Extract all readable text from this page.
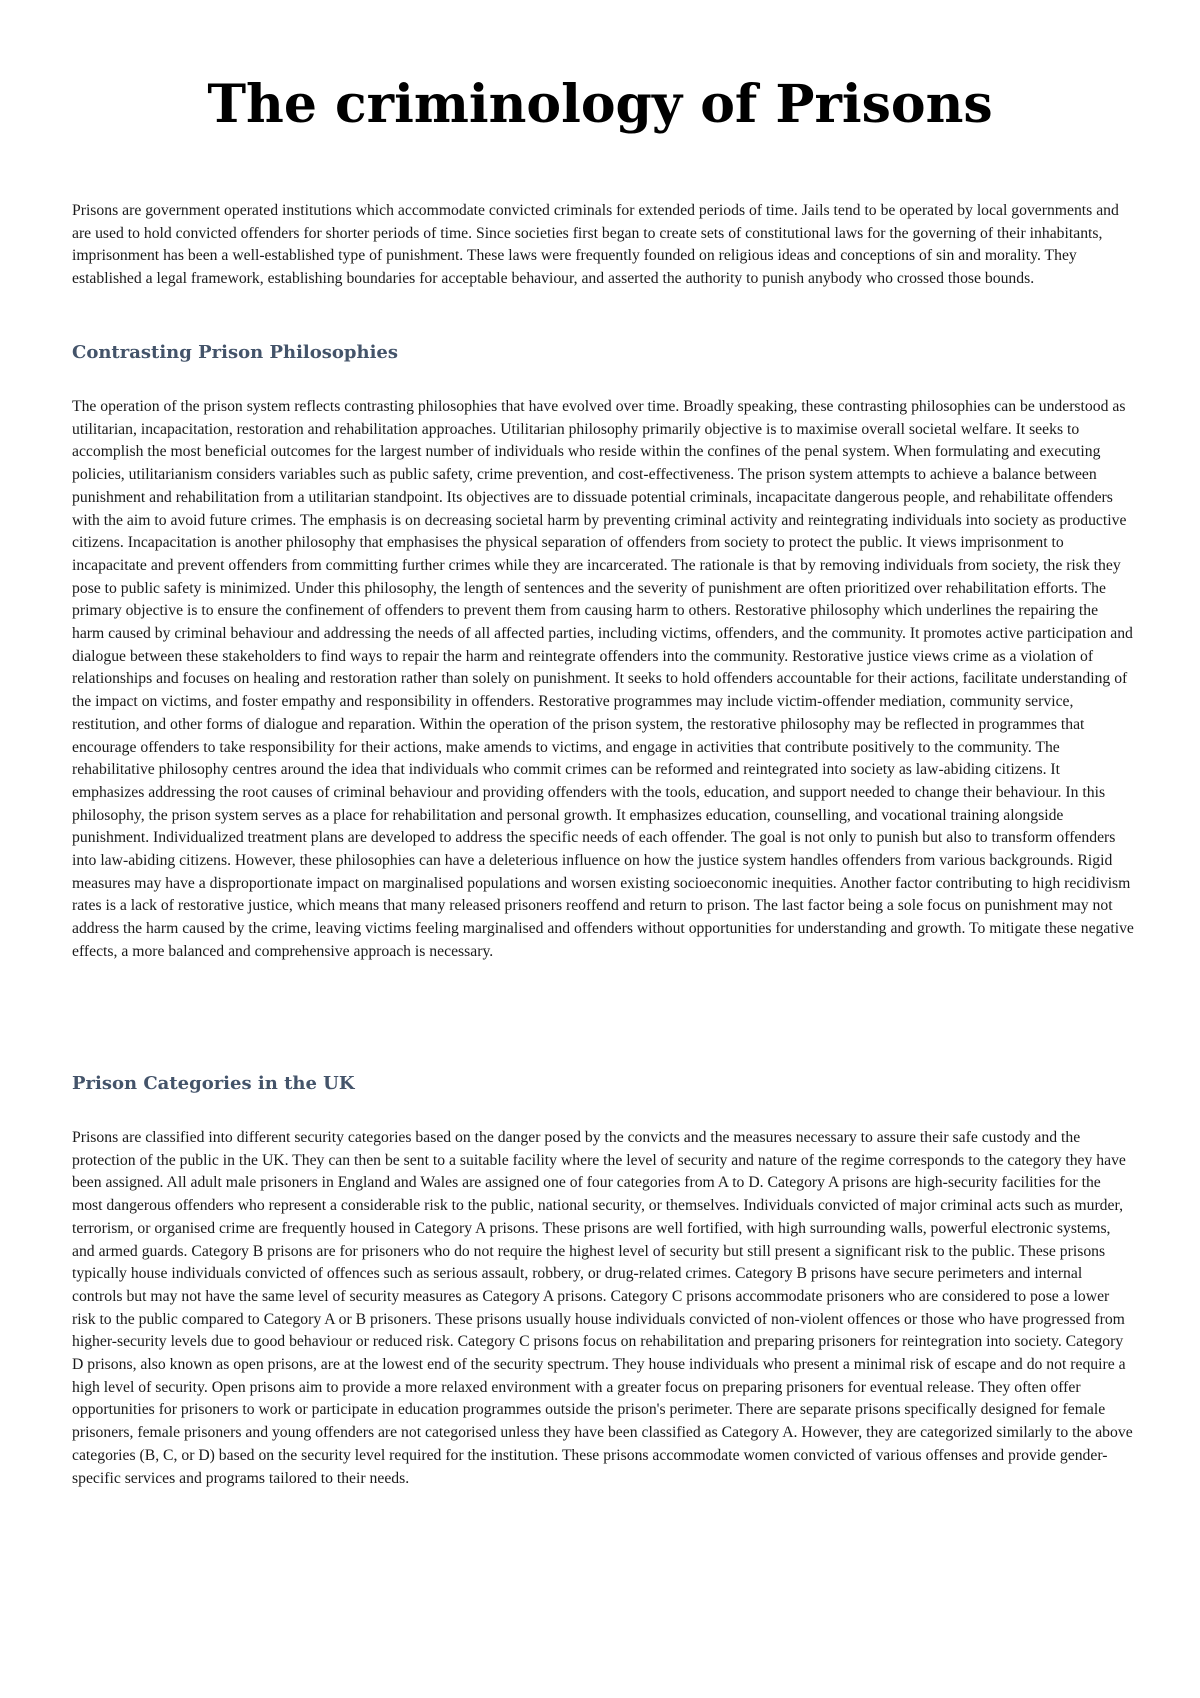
The criminology of Prisons

Prisons are government operated institutions which accommodate convicted criminals for extended periods of time. Jails tend to be operated by local governments and are used to hold convicted offenders for shorter periods of time. Since societies first began to create sets of constitutional laws for the governing of their inhabitants, imprisonment has been a well-established type of punishment. These laws were frequently founded on religious ideas and conceptions of sin and morality. They established a legal framework, establishing boundaries for acceptable behaviour, and asserted the authority to punish anybody who crossed those bounds.

Contrasting Prison Philosophies

The operation of the prison system reflects contrasting philosophies that have evolved over time. Broadly speaking, these contrasting philosophies can be understood as utilitarian, incapacitation, restoration and rehabilitation approaches. Utilitarian philosophy primarily objective is to maximise overall societal welfare. It seeks to accomplish the most beneficial outcomes for the largest number of individuals who reside within the confines of the penal system. When formulating and executing policies, utilitarianism considers variables such as public safety, crime prevention, and cost-effectiveness. The prison system attempts to achieve a balance between punishment and rehabilitation from a utilitarian standpoint. Its objectives are to dissuade potential criminals, incapacitate dangerous people, and rehabilitate offenders with the aim to avoid future crimes. The emphasis is on decreasing societal harm by preventing criminal activity and reintegrating individuals into society as productive citizens. Incapacitation is another philosophy that emphasises the physical separation of offenders from society to protect the public. It views imprisonment to incapacitate and prevent offenders from committing further crimes while they are incarcerated. The rationale is that by removing individuals from society, the risk they pose to public safety is minimized. Under this philosophy, the length of sentences and the severity of punishment are often prioritized over rehabilitation efforts. The primary objective is to ensure the confinement of offenders to prevent them from causing harm to others. Restorative philosophy which underlines the repairing the harm caused by criminal behaviour and addressing the needs of all affected parties, including victims, offenders, and the community. It promotes active participation and dialogue between these stakeholders to find ways to repair the harm and reintegrate offenders into the community. Restorative justice views crime as a violation of relationships and focuses on healing and restoration rather than solely on punishment. It seeks to hold offenders accountable for their actions, facilitate understanding of the impact on victims, and foster empathy and responsibility in offenders. Restorative programmes may include victim-offender mediation, community service, restitution, and other forms of dialogue and reparation. Within the operation of the prison system, the restorative philosophy may be reflected in programmes that encourage offenders to take responsibility for their actions, make amends to victims, and engage in activities that contribute positively to the community. The rehabilitative philosophy centres around the idea that individuals who commit crimes can be reformed and reintegrated into society as law-abiding citizens. It emphasizes addressing the root causes of criminal behaviour and providing offenders with the tools, education, and support needed to change their behaviour. In this philosophy, the prison system serves as a place for rehabilitation and personal growth. It emphasizes education, counselling, and vocational training alongside punishment. Individualized treatment plans are developed to address the specific needs of each offender. The goal is not only to punish but also to transform offenders into law-abiding citizens. However, these philosophies can have a deleterious influence on how the justice system handles offenders from various backgrounds. Rigid measures may have a disproportionate impact on marginalised populations and worsen existing socioeconomic inequities. Another factor contributing to high recidivism rates is a lack of restorative justice, which means that many released prisoners reoffend and return to prison. The last factor being a sole focus on punishment may not address the harm caused by the crime, leaving victims feeling marginalised and offenders without opportunities for understanding and growth. To mitigate these negative effects, a more balanced and comprehensive approach is necessary.

Prison Categories in the UK

Prisons are classified into different security categories based on the danger posed by the convicts and the measures necessary to assure their safe custody and the protection of the public in the UK. They can then be sent to a suitable facility where the level of security and nature of the regime corresponds to the category they have been assigned. All adult male prisoners in England and Wales are assigned one of four categories from A to D. Category A prisons are high-security facilities for the most dangerous offenders who represent a considerable risk to the public, national security, or themselves. Individuals convicted of major criminal acts such as murder, terrorism, or organised crime are frequently housed in Category A prisons. These prisons are well fortified, with high surrounding walls, powerful electronic systems, and armed guards. Category B prisons are for prisoners who do not require the highest level of security but still present a significant risk to the public. These prisons typically house individuals convicted of offences such as serious assault, robbery, or drug-related crimes. Category B prisons have secure perimeters and internal controls but may not have the same level of security measures as Category A prisons. Category C prisons accommodate prisoners who are considered to pose a lower risk to the public compared to Category A or B prisoners. These prisons usually house individuals convicted of non-violent offences or those who have progressed from higher-security levels due to good behaviour or reduced risk. Category C prisons focus on rehabilitation and preparing prisoners for reintegration into society. Category D prisons, also known as open prisons, are at the lowest end of the security spectrum. They house individuals who present a minimal risk of escape and do not require a high level of security. Open prisons aim to provide a more relaxed environment with a greater focus on preparing prisoners for eventual release. They often offer opportunities for prisoners to work or participate in education programmes outside the prison's perimeter. There are separate prisons specifically designed for female prisoners, female prisoners and young offenders are not categorised unless they have been classified as Category A. However, they are categorized similarly to the above categories (B, C, or D) based on the security level required for the institution. These prisons accommodate women convicted of various offenses and provide gender-specific services and programs tailored to their needs.
